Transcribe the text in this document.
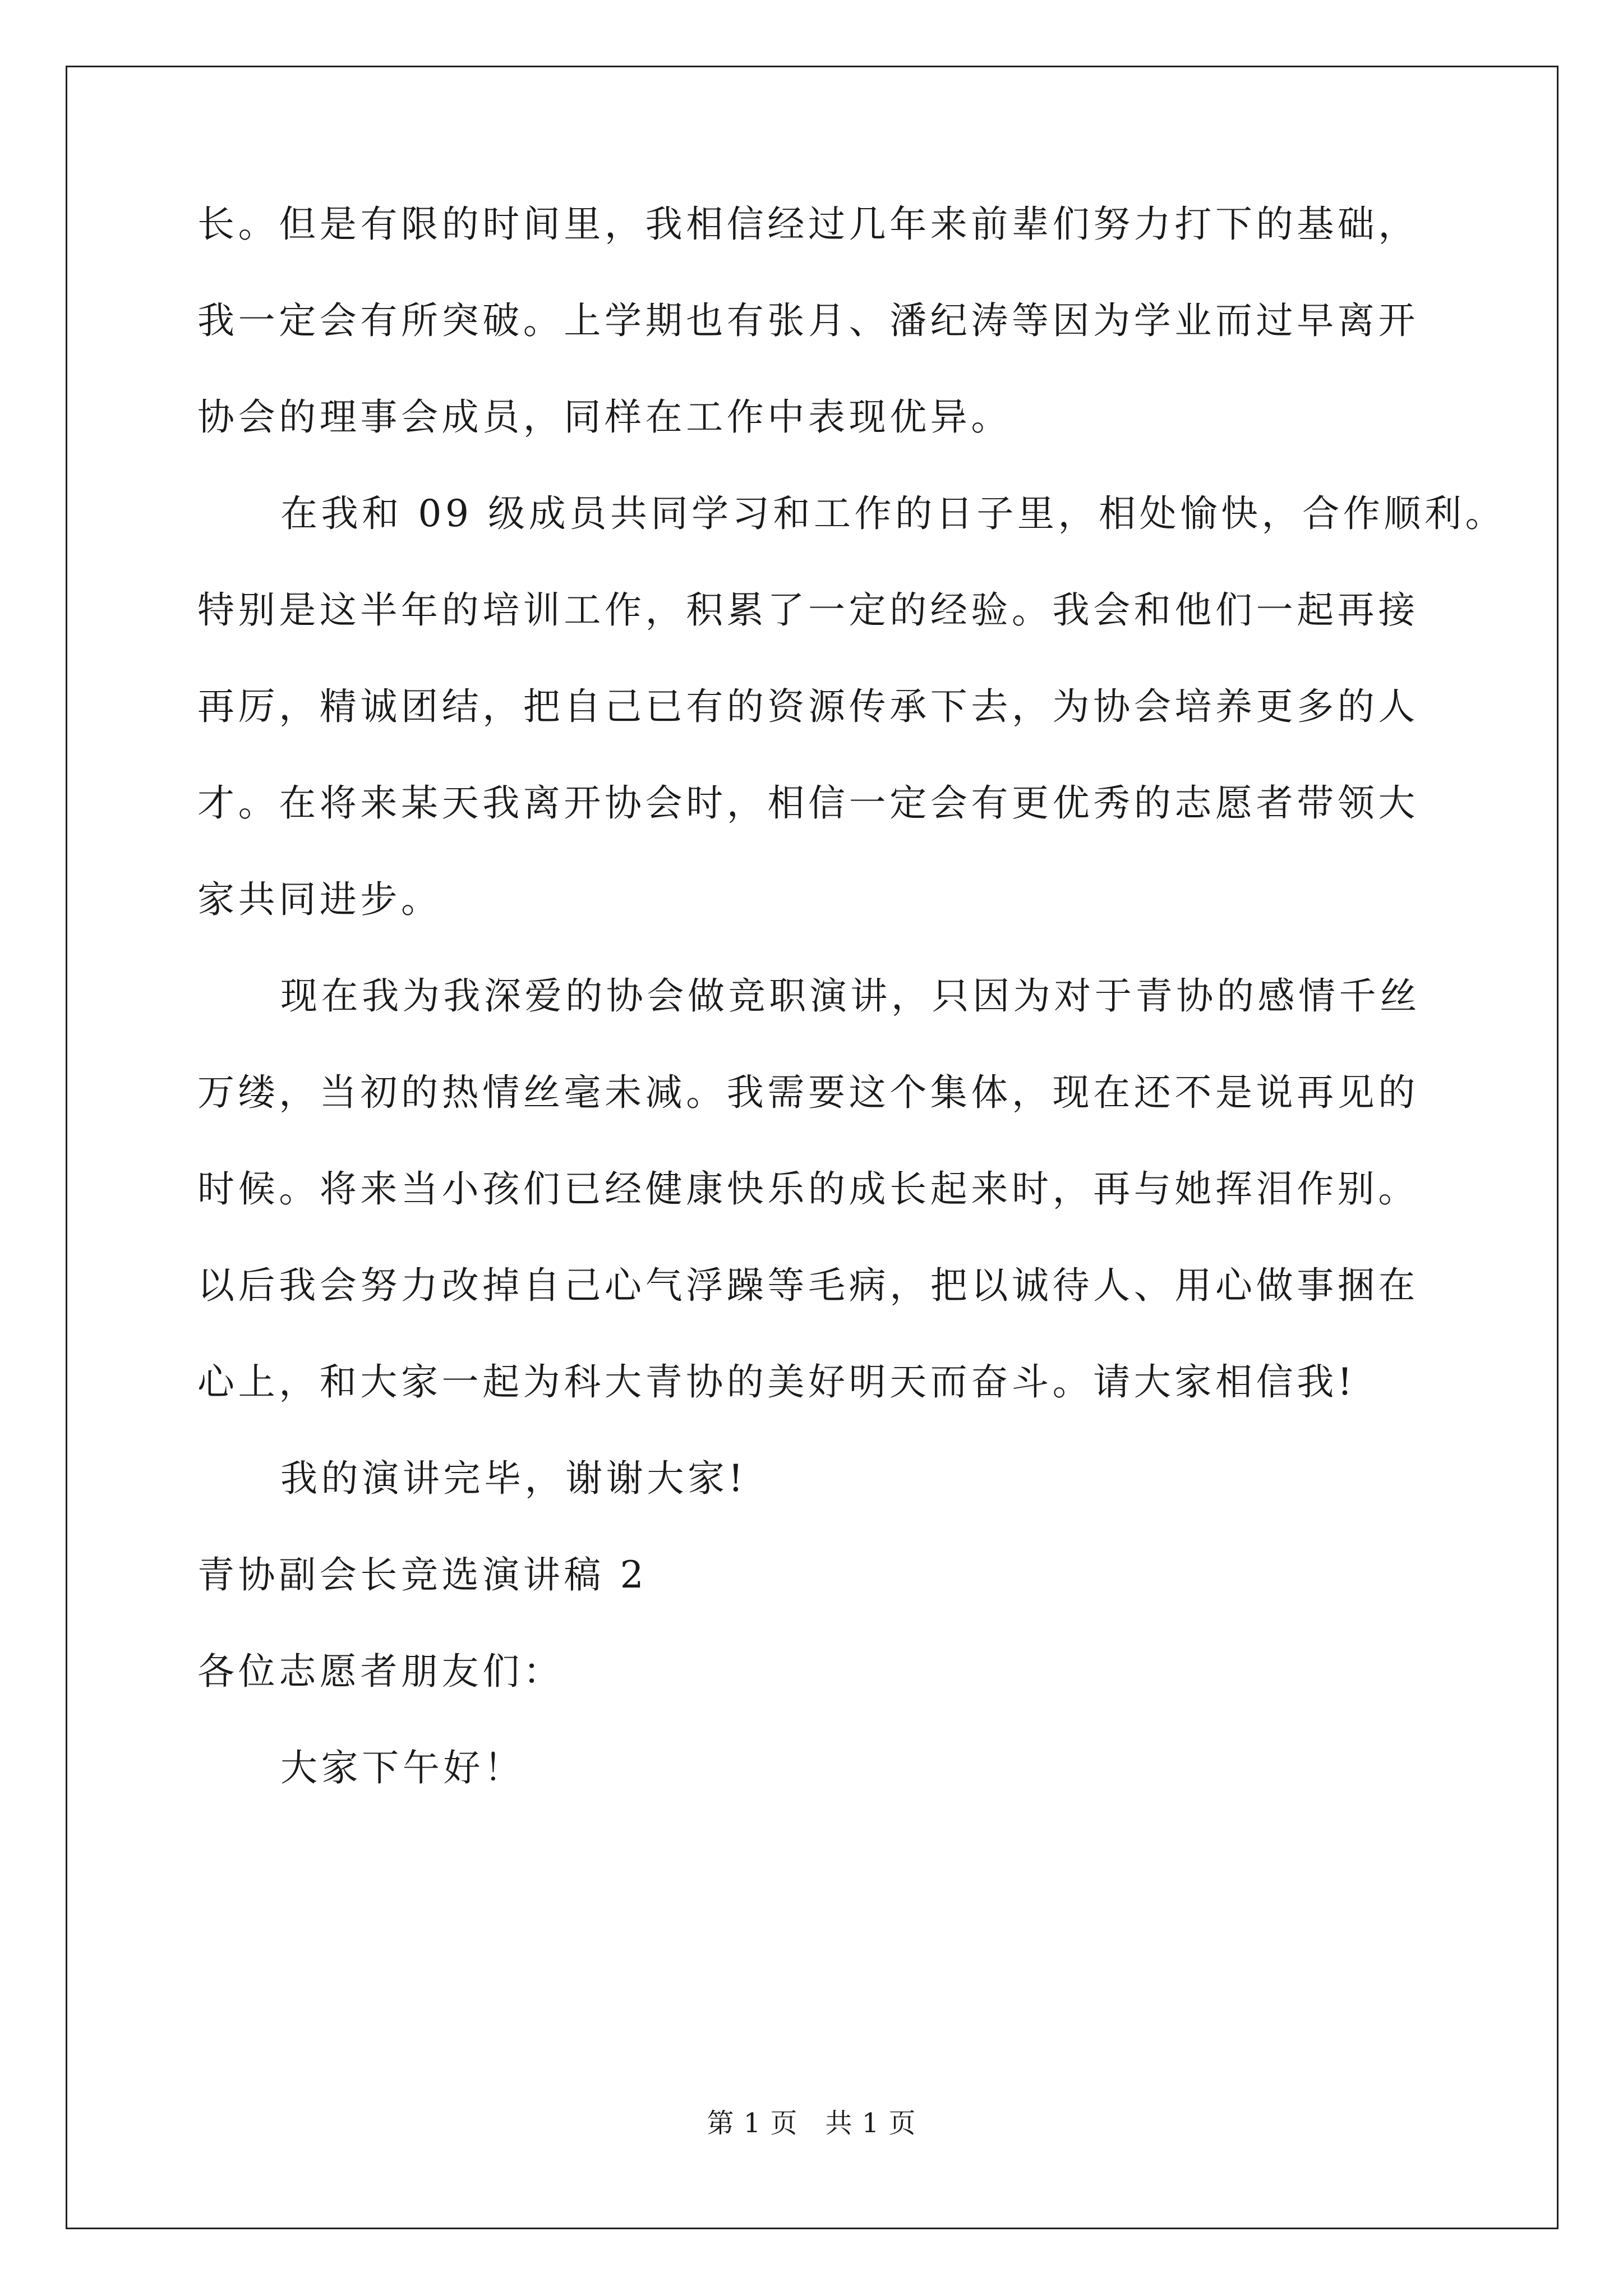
长。但是有限的时间里，我相信经过几年来前辈们努力打下的基础，
我一定会有所突破。上学期也有张月、潘纪涛等因为学业而过早离开
协会的理事会成员，同样在工作中表现优异。
在我和 09 级成员共同学习和工作的日子里，相处愉快，合作顺利。
特别是这半年的培训工作，积累了一定的经验。我会和他们一起再接
再厉，精诚团结，把自己已有的资源传承下去，为协会培养更多的人
才。在将来某天我离开协会时，相信一定会有更优秀的志愿者带领大
家共同进步。
现在我为我深爱的协会做竞职演讲，只因为对于青协的感情千丝
万缕，当初的热情丝毫未减。我需要这个集体，现在还不是说再见的
时候。将来当小孩们已经健康快乐的成长起来时，再与她挥泪作别。
以后我会努力改掉自己心气浮躁等毛病，把以诚待人、用心做事捆在
心上，和大家一起为科大青协的美好明天而奋斗。请大家相信我!
我的演讲完毕，谢谢大家!
青协副会长竞选演讲稿 2
各位志愿者朋友们：
大家下午好！
第 1 页　共 1 页
